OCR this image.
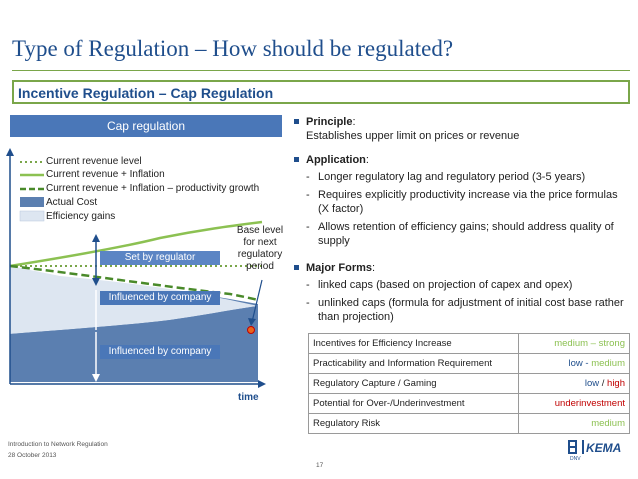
Type of Regulation – How should be regulated?
Incentive Regulation – Cap Regulation
Cap regulation
Current revenue level
Current revenue + Inflation
Current revenue + Inflation – productivity growth
Actual Cost
Efficiency gains
Set by regulator
Influenced by company
Influenced by company
Base level for next regulatory period
time
Principle:
Establishes upper limit on prices or revenue
Application:
- Longer regulatory lag and regulatory period (3-5 years)
- Requires explicitly productivity increase via the price formulas (X factor)
- Allows retention of efficiency gains; should address quality of supply
Major Forms:
- linked caps (based on projection of capex and opex)
- unlinked caps (formula for adjustment of initial cost base rather than projection)
Incentives for Efficiency Increase	medium – strong
Practicability and Information Requirement	low - medium
Regulatory Capture / Gaming	low / high
Potential for Over-/Underinvestment	underinvestment
Regulatory Risk	medium
Introduction to Network Regulation
28 October 2013
17
DNV
KEMA
